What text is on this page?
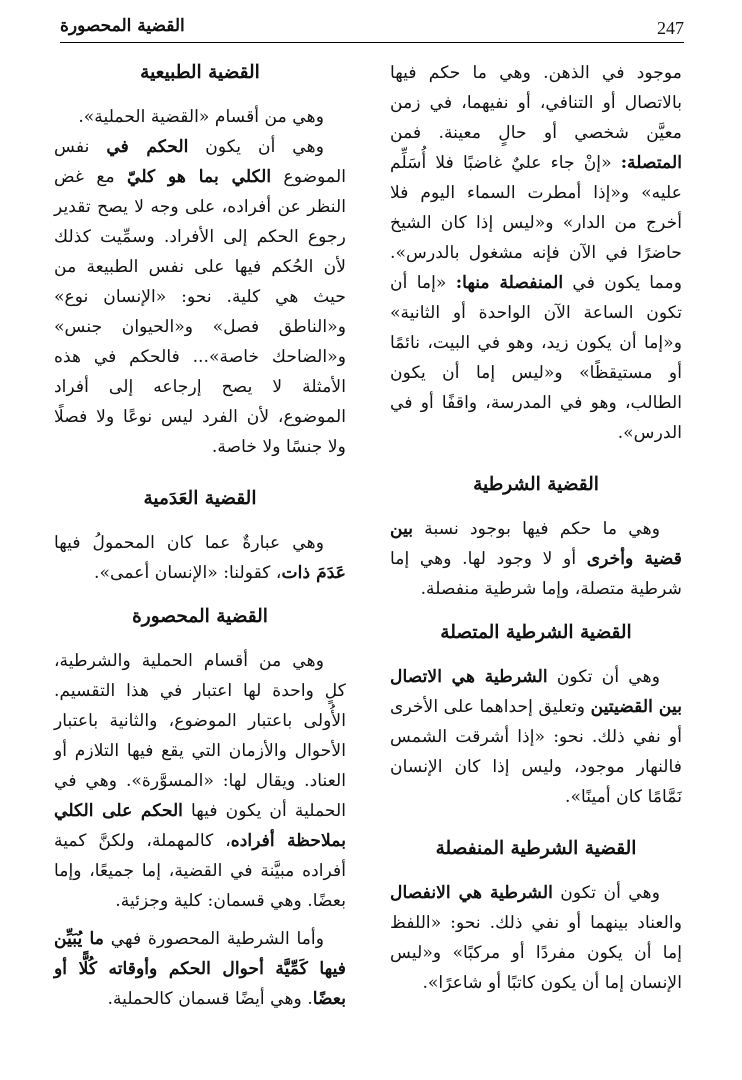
247
القضية المحصورة

موجود في الذهن. وهي ما حكم فيها بالاتصال أو التنافي، أو نفيهما، في زمن معيَّن شخصي أو حالٍ معينة. فمن المتصلة: «إنْ جاء عليٌ غاضبًا فلا أُسَلِّم عليه» و«إذا أمطرت السماء اليوم فلا أخرج من الدار» و«ليس إذا كان الشيخ حاضرًا في الآن فإنه مشغول بالدرس». ومما يكون في المنفصلة منها: «إما أن تكون الساعة الآن الواحدة أو الثانية» و«إما أن يكون زيد، وهو في البيت، نائمًا أو مستيقظًا» و«ليس إما أن يكون الطالب، وهو في المدرسة، واقفًا أو في الدرس».

القضية الشرطية

وهي ما حكم فيها بوجود نسبة بين قضية وأخرى أو لا وجود لها. وهي إما شرطية متصلة، وإما شرطية منفصلة.

القضية الشرطية المتصلة

وهي أن تكون الشرطية هي الاتصال بين القضيتين وتعليق إحداهما على الأخرى أو نفي ذلك. نحو: «إذا أشرقت الشمس فالنهار موجود، وليس إذا كان الإنسان نَمَّامًا كان أمينًا».

القضية الشرطية المنفصلة

وهي أن تكون الشرطية هي الانفصال والعناد بينهما أو نفي ذلك. نحو: «اللفظ إما أن يكون مفردًا أو مركبًا» و«ليس الإنسان إما أن يكون كاتبًا أو شاعرًا».

القضية الطبيعية

وهي من أقسام «القضية الحملية».

وهي أن يكون الحكم في نفس الموضوع الكلي بما هو كليّ مع غض النظر عن أفراده، على وجه لا يصح تقدير رجوع الحكم إلى الأفراد. وسمِّيت كذلك لأن الحُكم فيها على نفس الطبيعة من حيث هي كلية. نحو: «الإنسان نوع» و«الناطق فصل» و«الحيوان جنس» و«الضاحك خاصة»... فالحكم في هذه الأمثلة لا يصح إرجاعه إلى أفراد الموضوع، لأن الفرد ليس نوعًا ولا فصلًا ولا جنسًا ولا خاصة.

القضية العَدَمية

وهي عبارةٌ عما كان المحمولُ فيها عَدَمَ ذات، كقولنا: «الإنسان أعمى».

القضية المحصورة

وهي من أقسام الحملية والشرطية، كلٍ واحدة لها اعتبار في هذا التقسيم. الأُولى باعتبار الموضوع، والثانية باعتبار الأحوال والأزمان التي يقع فيها التلازم أو العناد. ويقال لها: «المسوَّرة». وهي في الحملية أن يكون فيها الحكم على الكلي بملاحظة أفراده، كالمهملة، ولكنَّ كمية أفراده مبيَّنة في القضية، إما جميعًا، وإما بعضًا. وهي قسمان: كلية وجزئية.

وأما الشرطية المحصورة فهي ما يُبَيِّن فيها كَمِّيَّة أحوال الحكم وأوقاته كُلًّا أو بعضًا. وهي أيضًا قسمان كالحملية.
